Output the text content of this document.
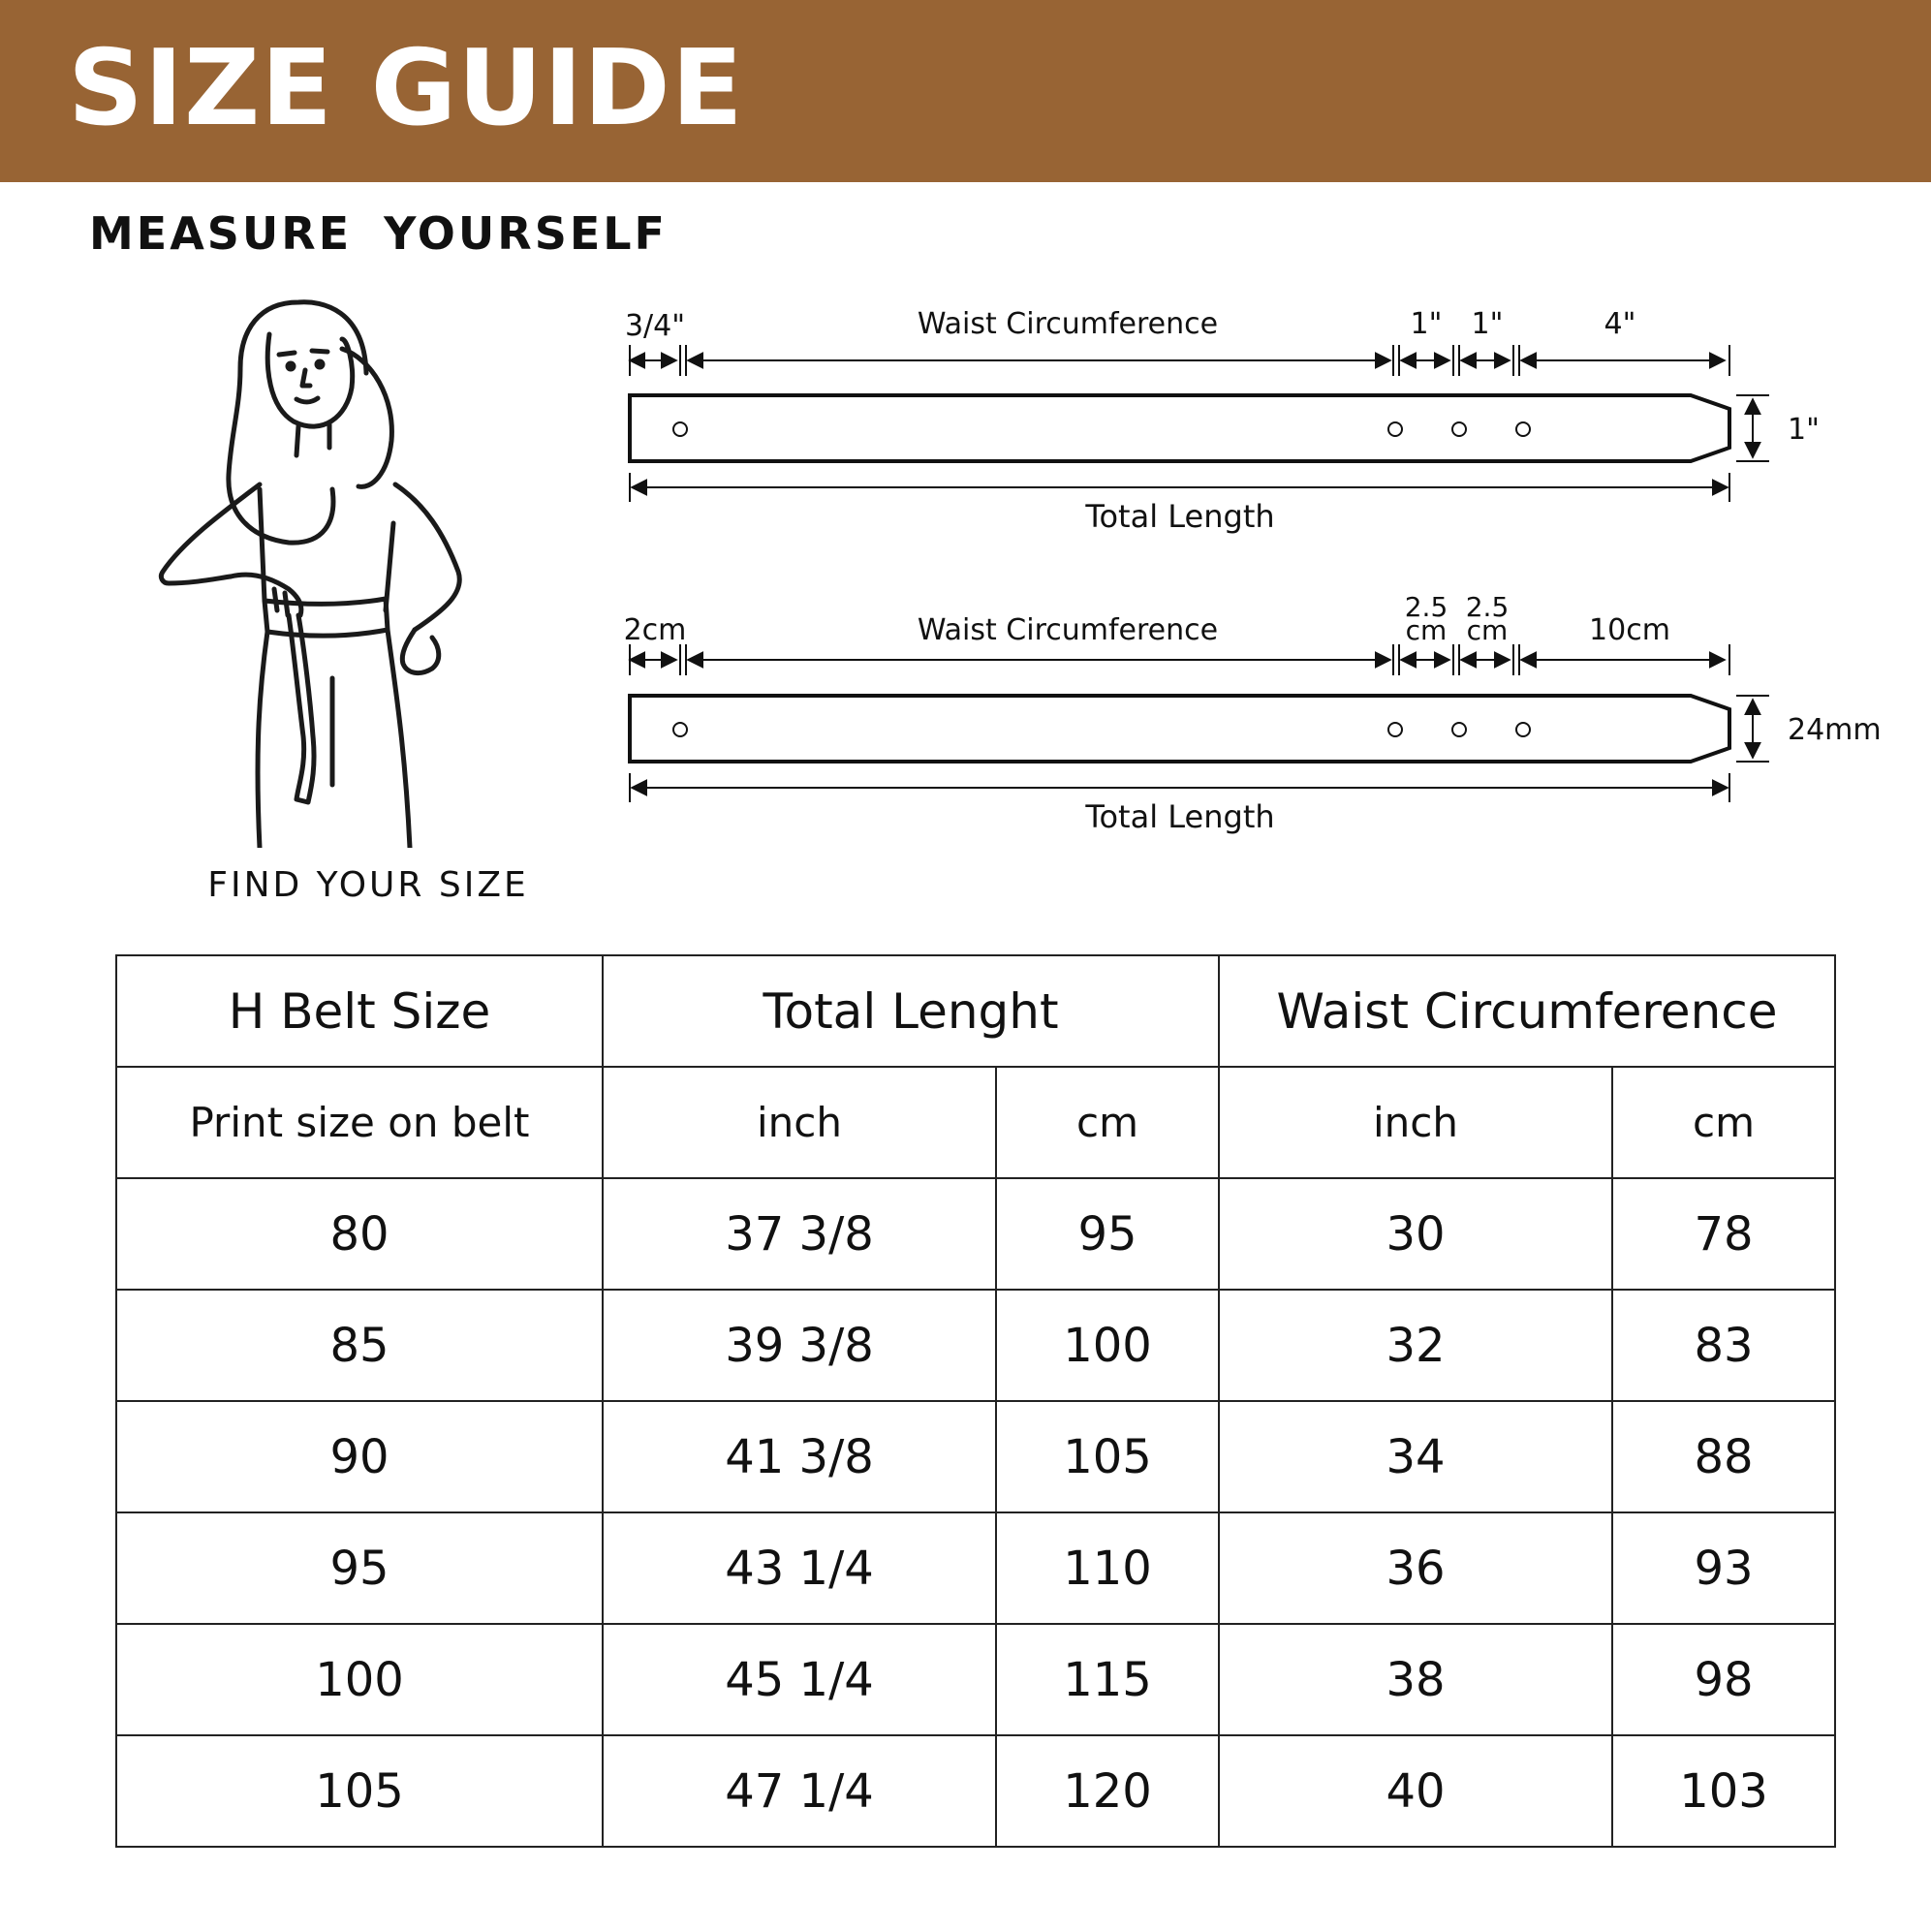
SIZE GUIDE
MEASURE YOURSELF
FIND YOUR SIZE
3/4"	Waist Circumference	1" 1"	4"
1"
Total Length
2cm	Waist Circumference
2.5
cm
2.5
cm	10cm
24mm
Total Length
H Belt Size	Total Lenght		Waist Circumference	
Print size on belt	inch	cm	inch	cm
80	37 3/8	95	30	78
85	39 3/8	100	32	83
90	41 3/8	105	34	88
95	43 1/4	110	36	93
100	45 1/4	115	38	98
105	47 1/4	120	40	103
